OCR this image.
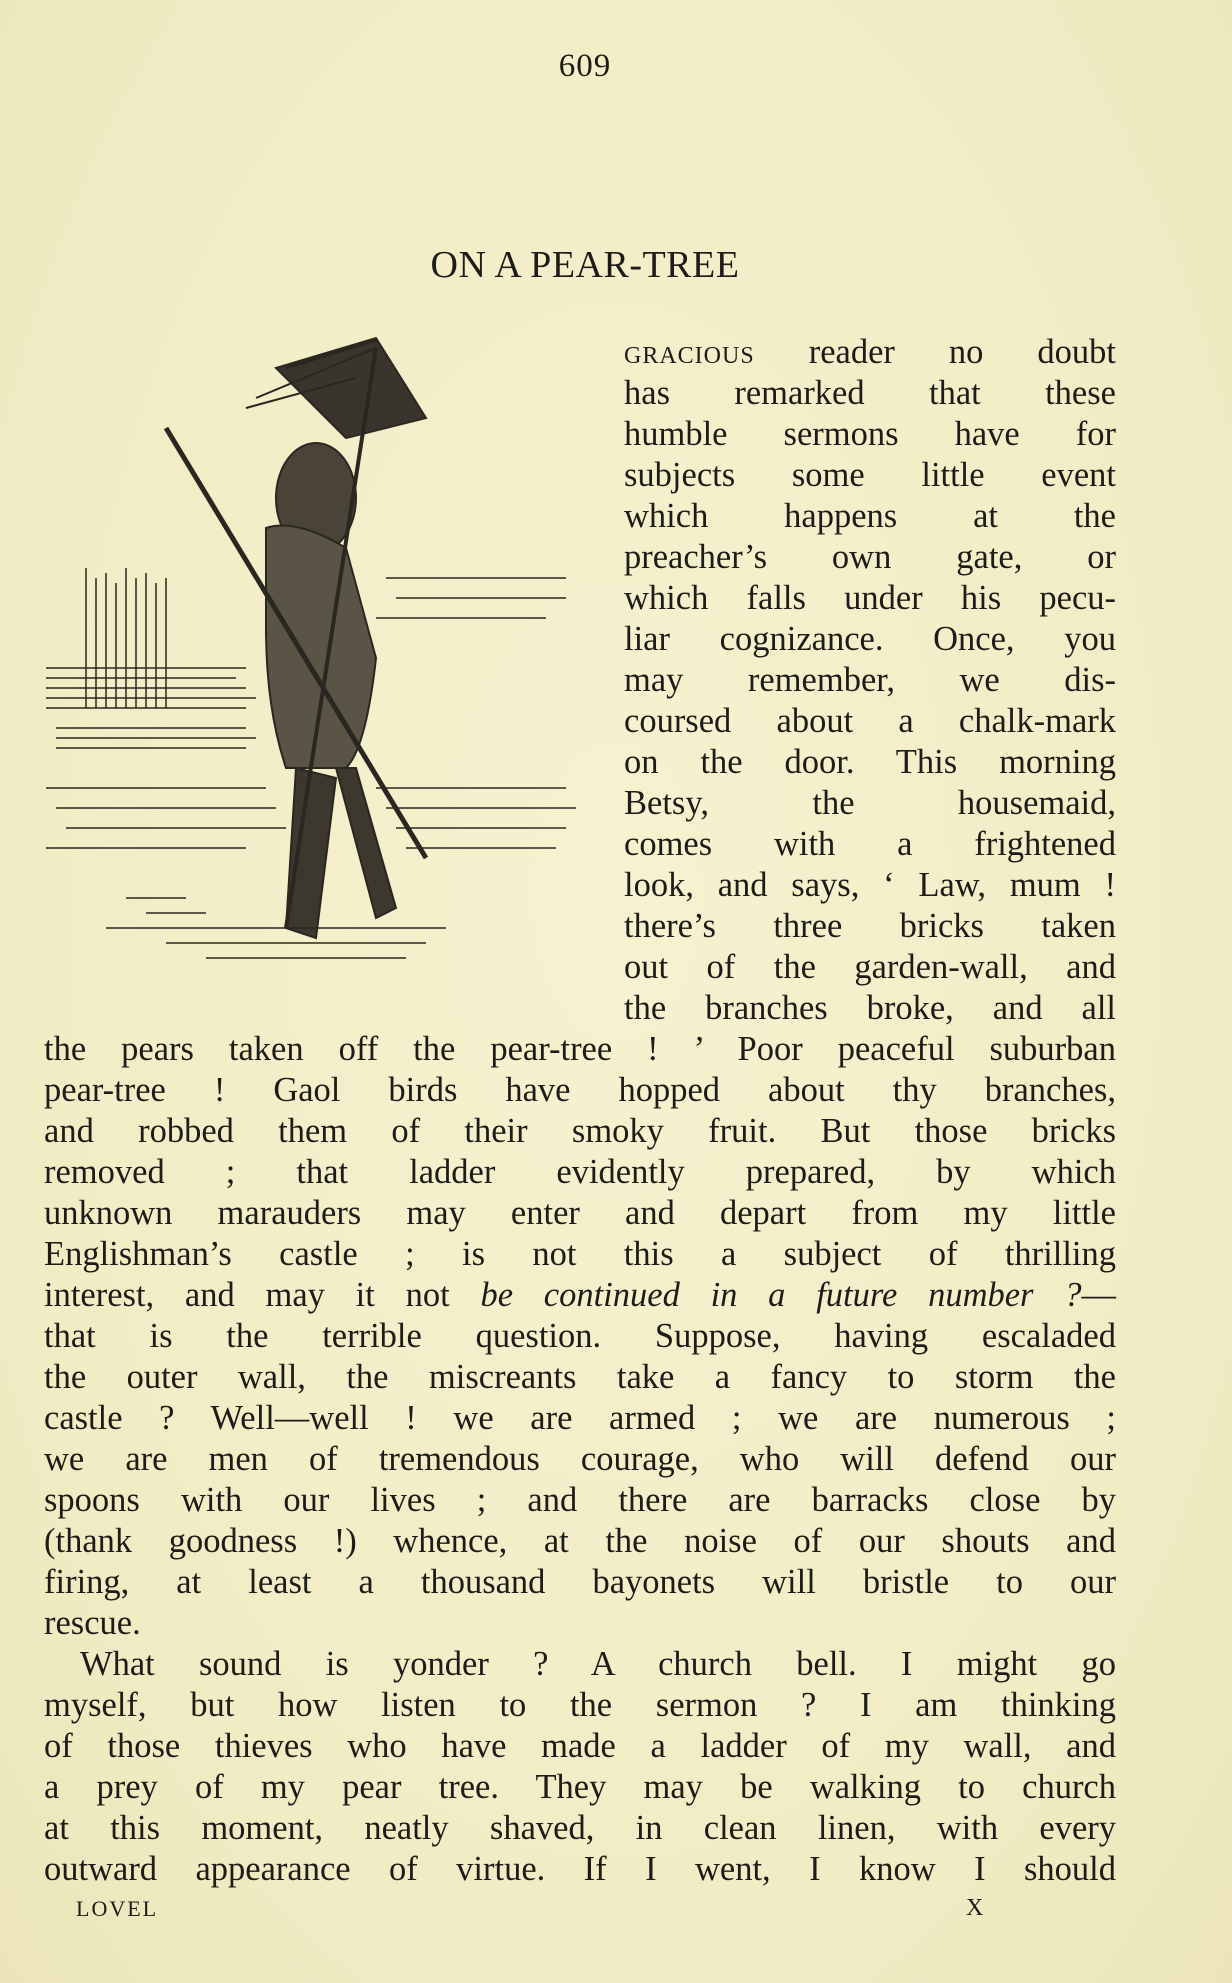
609
ON A PEAR-TREE
gracious reader no doubt
has remarked that these
humble sermons have for
subjects some little event
which happens at the
preacher’s own gate, or
which falls under his pecu-
liar cognizance. Once, you
may remember, we dis-
coursed about a chalk-mark
on the door. This morning
Betsy, the housemaid,
comes with a frightened
look, and says, ‘ Law, mum !
there’s three bricks taken
out of the garden-wall, and
the branches broke, and all
the pears taken off the pear-tree ! ’ Poor peaceful suburban
pear-tree ! Gaol birds have hopped about thy branches,
and robbed them of their smoky fruit. But those bricks
removed ; that ladder evidently prepared, by which
unknown marauders may enter and depart from my little
Englishman’s castle ; is not this a subject of thrilling
interest, and may it not be continued in a future number ?—
that is the terrible question. Suppose, having escaladed
the outer wall, the miscreants take a fancy to storm the
castle ? Well—well ! we are armed ; we are numerous ;
we are men of tremendous courage, who will defend our
spoons with our lives ; and there are barracks close by
(thank goodness !) whence, at the noise of our shouts and
firing, at least a thousand bayonets will bristle to our
rescue.
What sound is yonder ? A church bell. I might go
myself, but how listen to the sermon ? I am thinking
of those thieves who have made a ladder of my wall, and
a prey of my pear tree. They may be walking to church
at this moment, neatly shaved, in clean linen, with every
outward appearance of virtue. If I went, I know I should
LOVEL	X
